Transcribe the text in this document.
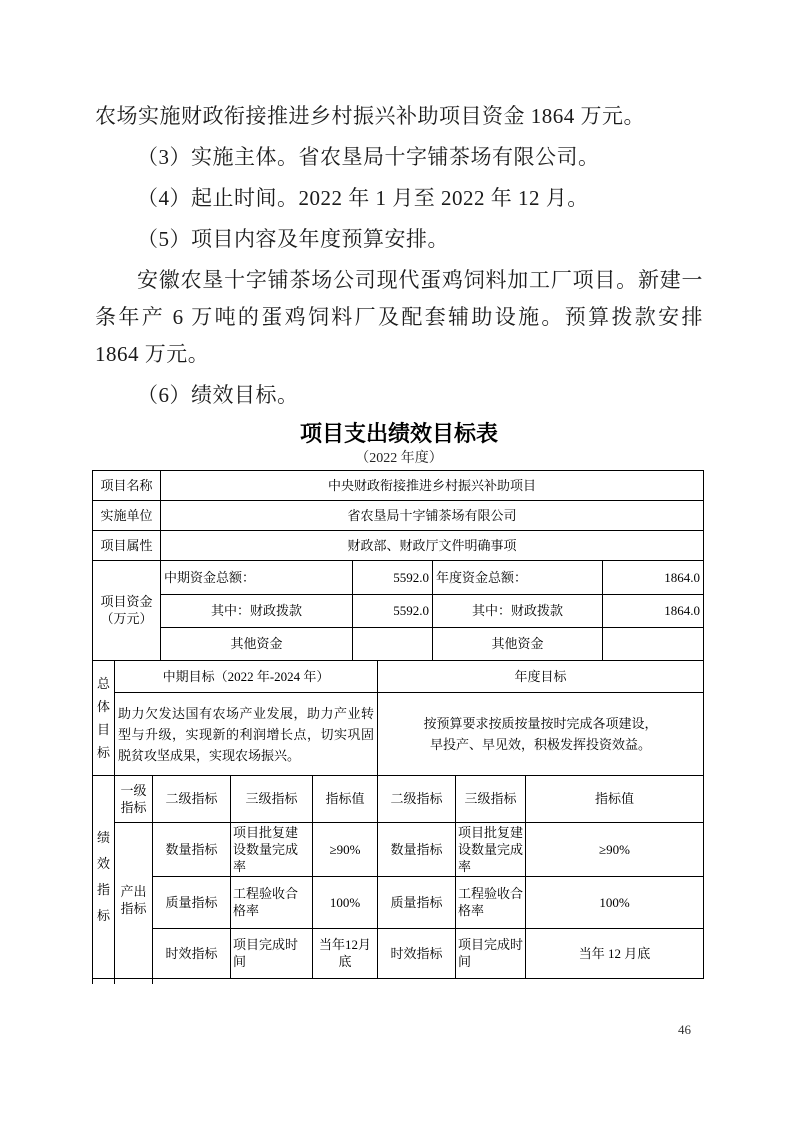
农场实施财政衔接推进乡村振兴补助项目资金 1864 万元。

（3）实施主体。省农垦局十字铺茶场有限公司。

（4）起止时间。2022 年 1 月至 2022 年 12 月。

（5）项目内容及年度预算安排。

安徽农垦十字铺茶场公司现代蛋鸡饲料加工厂项目。新建一条年产 6 万吨的蛋鸡饲料厂及配套辅助设施。预算拨款安排 1864 万元。

（6）绩效目标。

项目支出绩效目标表
（2022 年度）
项目名称	中央财政衔接推进乡村振兴补助项目
实施单位	省农垦局十字铺茶场有限公司
项目属性	财政部、财政厅文件明确事项
项目资金（万元）	中期资金总额：	5592.0	年度资金总额：	1864.0
	其中：财政拨款	5592.0	其中：财政拨款	1864.0
	其他资金		其他资金	
总体目标	中期目标（2022 年-2024 年）	年度目标
	助力欠发达国有农场产业发展，助力产业转型与升级，实现新的利润增长点，切实巩固脱贫攻坚成果，实现农场振兴。	按预算要求按质按量按时完成各项建设，
早投产、早见效，积极发挥投资效益。
绩效指标	一级指标	二级指标	三级指标	指标值	二级指标	三级指标	指标值
	产出指标	数量指标	项目批复建设数量完成率	≥90%	数量指标	项目批复建设数量完成率	≥90%
		质量指标	工程验收合格率	100%	质量指标	工程验收合格率	100%
		时效指标	项目完成时间	当年12月底	时效指标	项目完成时间	当年 12 月底
46
